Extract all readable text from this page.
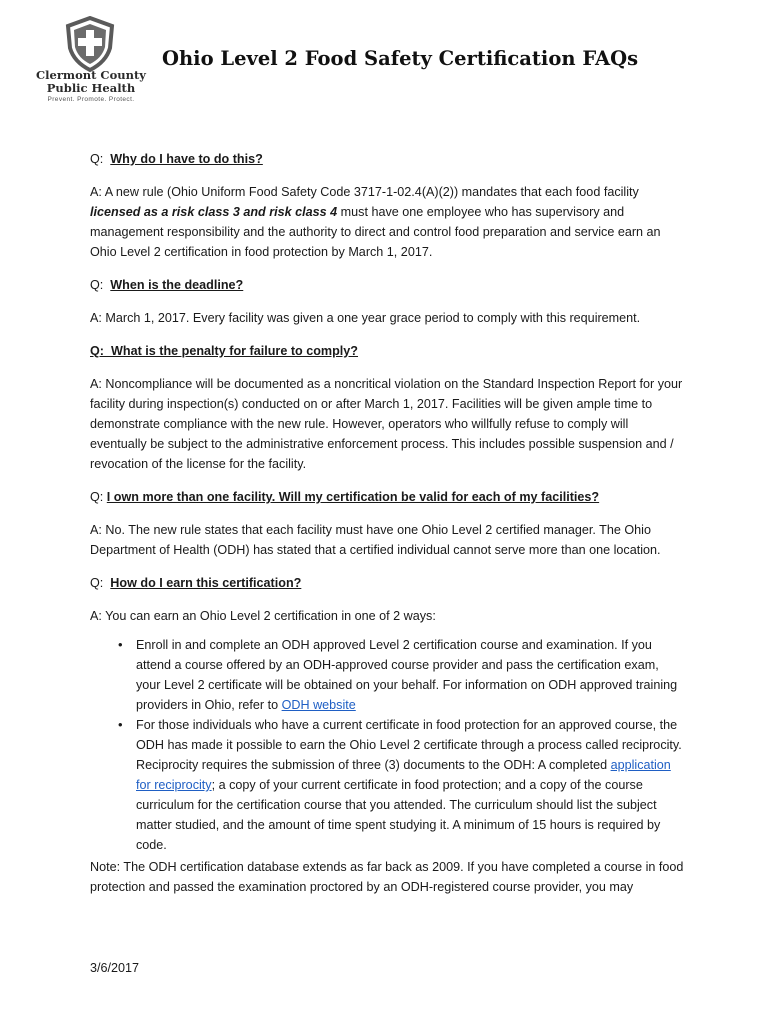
Clermont County
Public Health
Prevent. Promote. Protect.
Ohio Level 2 Food Safety Certification FAQs

Q: Why do I have to do this?

A: A new rule (Ohio Uniform Food Safety Code 3717-1-02.4(A)(2)) mandates that each food facility licensed as a risk class 3 and risk class 4 must have one employee who has supervisory and management responsibility and the authority to direct and control food preparation and service earn an Ohio Level 2 certification in food protection by March 1, 2017.

Q: When is the deadline?

A: March 1, 2017. Every facility was given a one year grace period to comply with this requirement.

Q: What is the penalty for failure to comply?

A: Noncompliance will be documented as a noncritical violation on the Standard Inspection Report for your facility during inspection(s) conducted on or after March 1, 2017. Facilities will be given ample time to demonstrate compliance with the new rule. However, operators who willfully refuse to comply will eventually be subject to the administrative enforcement process. This includes possible suspension and / revocation of the license for the facility.

Q: I own more than one facility. Will my certification be valid for each of my facilities?

A: No. The new rule states that each facility must have one Ohio Level 2 certified manager. The Ohio Department of Health (ODH) has stated that a certified individual cannot serve more than one location.

Q: How do I earn this certification?

A: You can earn an Ohio Level 2 certification in one of 2 ways:

• Enroll in and complete an ODH approved Level 2 certification course and examination. If you attend a course offered by an ODH-approved course provider and pass the certification exam, your Level 2 certificate will be obtained on your behalf. For information on ODH approved training providers in Ohio, refer to ODH website
• For those individuals who have a current certificate in food protection for an approved course, the ODH has made it possible to earn the Ohio Level 2 certificate through a process called reciprocity. Reciprocity requires the submission of three (3) documents to the ODH: A completed application for reciprocity; a copy of your current certificate in food protection; and a copy of the course curriculum for the certification course that you attended. The curriculum should list the subject matter studied, and the amount of time spent studying it. A minimum of 15 hours is required by code.

Note: The ODH certification database extends as far back as 2009. If you have completed a course in food protection and passed the examination proctored by an ODH-registered course provider, you may

3/6/2017
